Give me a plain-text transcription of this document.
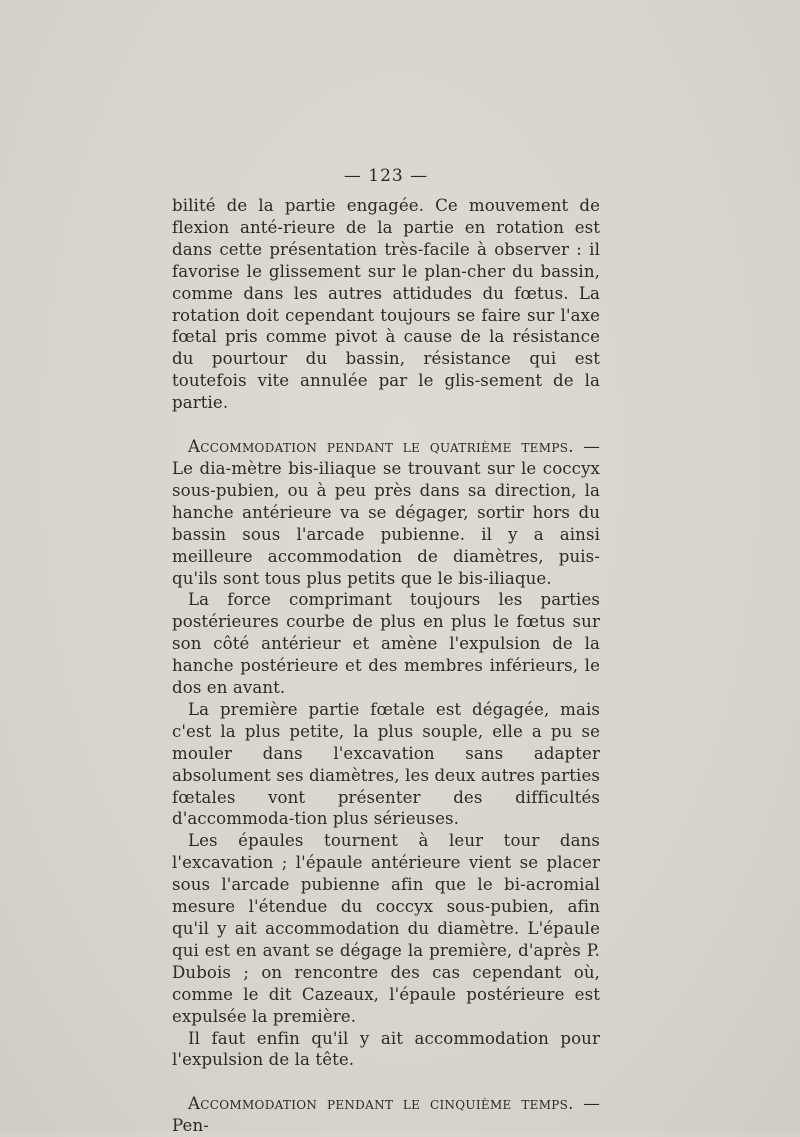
— 123 —

bilité de la partie engagée. Ce mouvement de flexion anté-rieure de la partie en rotation est dans cette présentation très-facile à observer : il favorise le glissement sur le plan-cher du bassin, comme dans les autres attidudes du fœtus. La rotation doit cependant toujours se faire sur l'axe fœtal pris comme pivot à cause de la résistance du pourtour du bassin, résistance qui est toutefois vite annulée par le glis-sement de la partie.

Accommodation pendant le quatrième temps. — Le dia-mètre bis-iliaque se trouvant sur le coccyx sous-pubien, ou à peu près dans sa direction, la hanche antérieure va se dégager, sortir hors du bassin sous l'arcade pubienne. il y a ainsi meilleure accommodation de diamètres, puis-qu'ils sont tous plus petits que le bis-iliaque.

La force comprimant toujours les parties postérieures courbe de plus en plus le fœtus sur son côté antérieur et amène l'expulsion de la hanche postérieure et des membres inférieurs, le dos en avant.

La première partie fœtale est dégagée, mais c'est la plus petite, la plus souple, elle a pu se mouler dans l'excavation sans adapter absolument ses diamètres, les deux autres parties fœtales vont présenter des difficultés d'accommoda-tion plus sérieuses.

Les épaules tournent à leur tour dans l'excavation ; l'épaule antérieure vient se placer sous l'arcade pubienne afin que le bi-acromial mesure l'étendue du coccyx sous-pubien, afin qu'il y ait accommodation du diamètre. L'épaule qui est en avant se dégage la première, d'après P. Dubois ; on rencontre des cas cependant où, comme le dit Cazeaux, l'épaule postérieure est expulsée la première.

Il faut enfin qu'il y ait accommodation pour l'expulsion de la tête.

Accommodation pendant le cinquième temps. — Pen-
